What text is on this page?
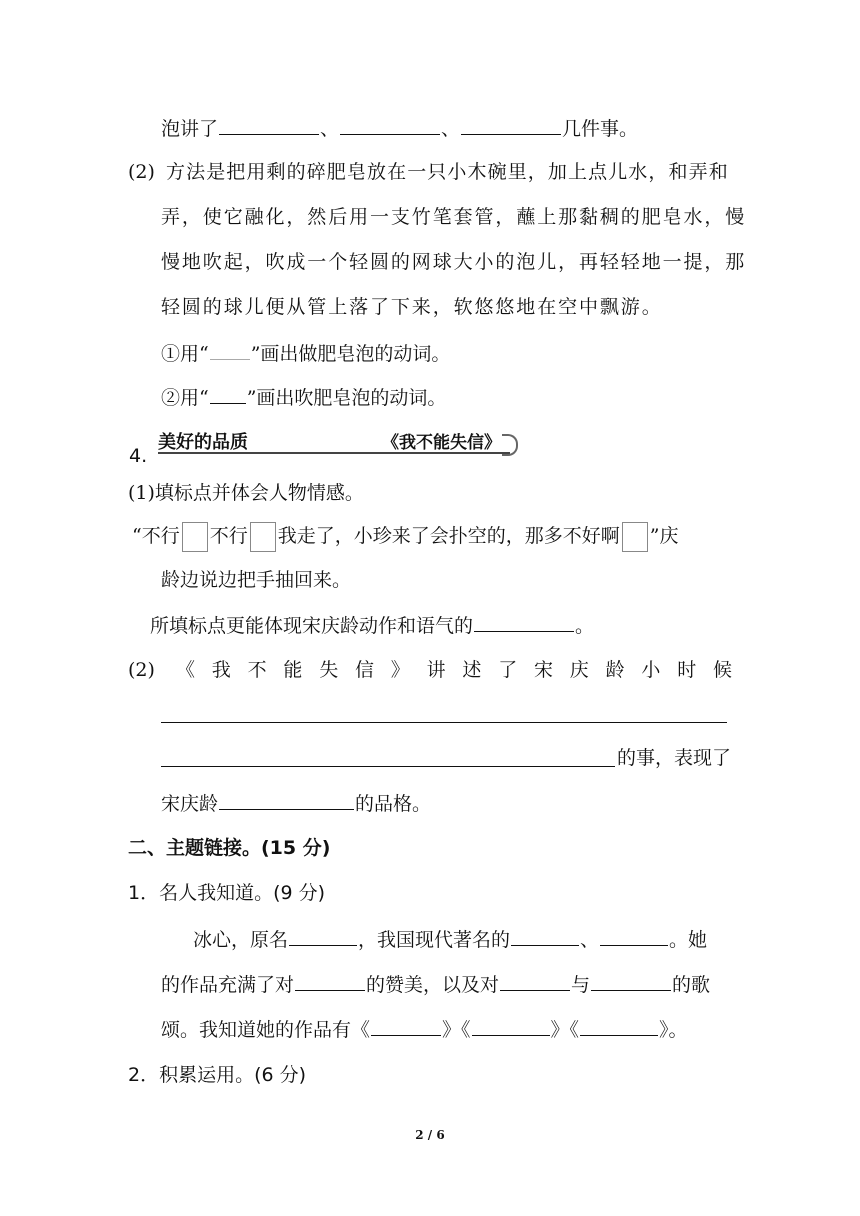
泡讲了	、	、	几件事。
(2) 方法是把用剩的碎肥皂放在一只小木碗里，加上点儿水，和弄和
弄，使它融化，然后用一支竹笔套管，蘸上那黏稠的肥皂水，慢
慢地吹起，吹成一个轻圆的网球大小的泡儿，再轻轻地一提，那
轻圆的球儿便从管上落了下来，软悠悠地在空中飘游。
①用“ ”画出做肥皂泡的动词。
②用“ ”画出吹肥皂泡的动词。
4.
美好的品质	《我不能失信》
(1)填标点并体会人物情感。
“不行 不行 我走了，小珍来了会扑空的，那多不好啊 ”庆
龄边说边把手抽回来。
所填标点更能体现宋庆龄动作和语气的	。
(2) 《 我 不 能 失 信 》 讲 述 了 宋 庆 龄 小 时 候
的事，表现了
宋庆龄	的品格。
二、主题链接。(15 分)
1．名人我知道。(9 分)
冰心，原名	，我国现代著名的	、	。她
的作品充满了对	的赞美，以及对	与	的歌
颂。我知道她的作品有《	》《	》《	》。
2．积累运用。(6 分)
2 / 6
